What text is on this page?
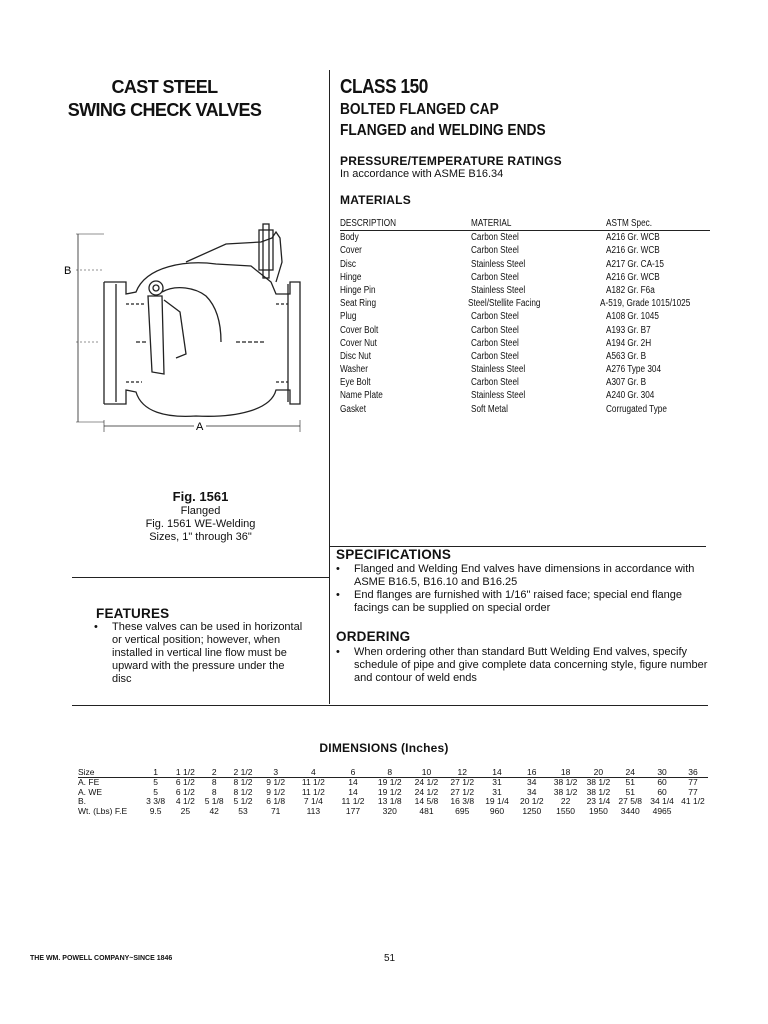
CAST STEEL
SWING CHECK VALVES
CLASS 150
BOLTED FLANGED CAP
FLANGED and WELDING ENDS
PRESSURE/TEMPERATURE RATINGS
In accordance with ASME B16.34
MATERIALS
DESCRIPTION	MATERIAL	ASTM Spec.
Body	Carbon Steel	A216 Gr. WCB
Cover	Carbon Steel	A216 Gr. WCB
Disc	Stainless Steel	A217 Gr. CA-15
Hinge	Carbon Steel	A216 Gr. WCB
Hinge Pin	Stainless Steel	A182 Gr. F6a
Seat Ring	Steel/Stellite Facing	A-519, Grade 1015/1025
Plug	Carbon Steel	A108 Gr. 1045
Cover Bolt	Carbon Steel	A193 Gr. B7
Cover Nut	Carbon Steel	A194 Gr. 2H
Disc Nut	Carbon Steel	A563 Gr. B
Washer	Stainless Steel	A276 Type 304
Eye Bolt	Carbon Steel	A307 Gr. B
Name Plate	Stainless Steel	A240 Gr. 304
Gasket	Soft Metal	Corrugated Type
B
A
Fig. 1561
Flanged
Fig. 1561 WE-Welding
Sizes, 1" through 36"
SPECIFICATIONS
•	Flanged and Welding End valves have dimensions in accordance with ASME B16.5, B16.10 and B16.25
•	End flanges are furnished with 1/16" raised face; special end flange facings can be supplied on special order
FEATURES
•	These valves can be used in horizontal or vertical position; however, when installed in vertical line flow must be upward with the pressure under the disc
ORDERING
•	When ordering other than standard Butt Welding End valves, specify schedule of pipe and give complete data concerning style, figure number and contour of weld ends
DIMENSIONS (Inches)
Size	1	1 1/2	2	2 1/2	3	4	6	8	10	12	14	16	18	20	24	30	36
A. FE	5	6 1/2	8	8 1/2	9 1/2	11 1/2	14	19 1/2	24 1/2	27 1/2	31	34	38 1/2	38 1/2	51	60	77
A. WE	5	6 1/2	8	8 1/2	9 1/2	11 1/2	14	19 1/2	24 1/2	27 1/2	31	34	38 1/2	38 1/2	51	60	77
B.	3 3/8	4 1/2	5 1/8	5 1/2	6 1/8	7 1/4	11 1/2	13 1/8	14 5/8	16 3/8	19 1/4	20 1/2	22	23 1/4	27 5/8	34 1/4	41 1/2
Wt. (Lbs) F.E	9.5	25	42	53	71	113	177	320	481	695	960	1250	1550	1950	3440	4965	
THE WM. POWELL COMPANY~SINCE 1846	51
